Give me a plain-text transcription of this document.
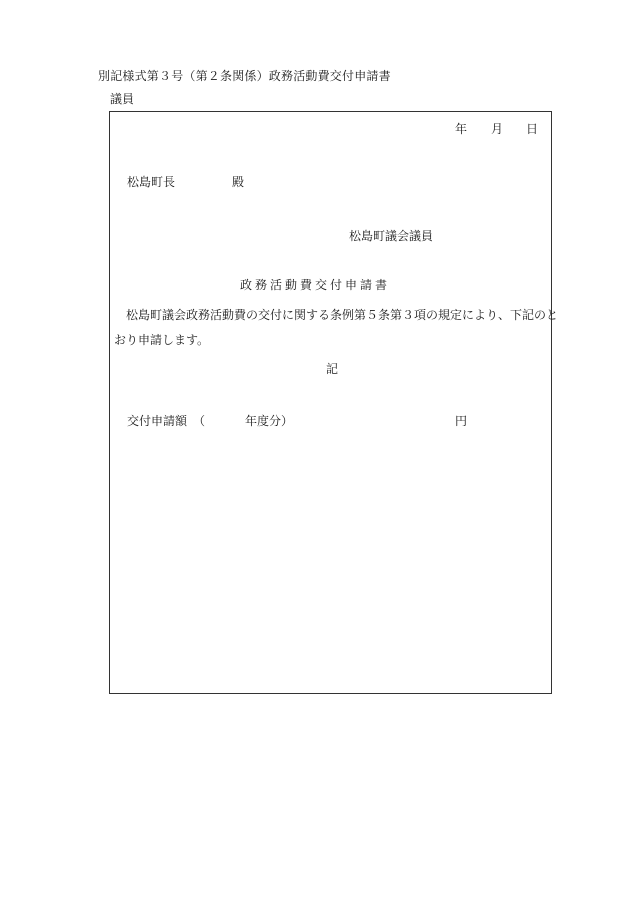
別記様式第３号（第２条関係）政務活動費交付申請書
議員
年 月 日
松島町長	殿
松島町議会議員
政務活動費交付申請書
松島町議会政務活動費の交付に関する条例第５条第３項の規定により、下記のと
おり申請します。
記
交付申請額 （	年度分）	円
